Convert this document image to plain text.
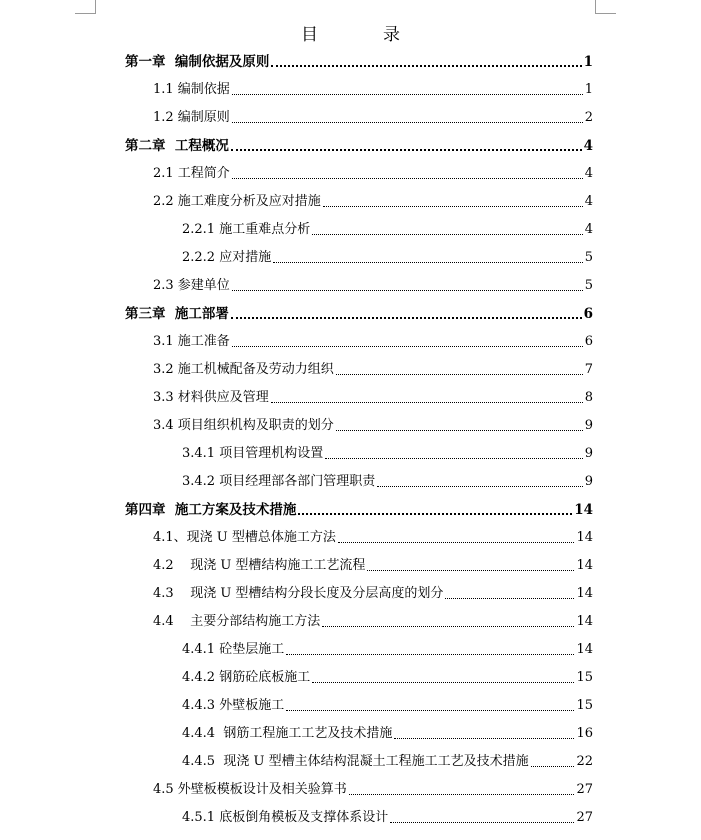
目　录
第一章  编制依据及原则	1
1.1 编制依据	1
1.2 编制原则	2
第二章  工程概况	4
2.1 工程简介	4
2.2 施工难度分析及应对措施	4
2.2.1 施工重难点分析	4
2.2.2 应对措施	5
2.3 参建单位	5
第三章  施工部署	6
3.1 施工准备	6
3.2 施工机械配备及劳动力组织	7
3.3 材料供应及管理	8
3.4 项目组织机构及职责的划分	9
3.4.1 项目管理机构设置	9
3.4.2 项目经理部各部门管理职责	9
第四章  施工方案及技术措施	14
4.1、现浇 U 型槽总体施工方法	14
4.2    现浇 U 型槽结构施工工艺流程	14
4.3    现浇 U 型槽结构分段长度及分层高度的划分	14
4.4    主要分部结构施工方法	14
4.4.1 砼垫层施工	14
4.4.2 钢筋砼底板施工	15
4.4.3 外壁板施工	15
4.4.4  钢筋工程施工工艺及技术措施	16
4.4.5  现浇 U 型槽主体结构混凝土工程施工工艺及技术措施	22
4.5 外壁板模板设计及相关验算书	27
4.5.1 底板倒角模板及支撑体系设计	27
